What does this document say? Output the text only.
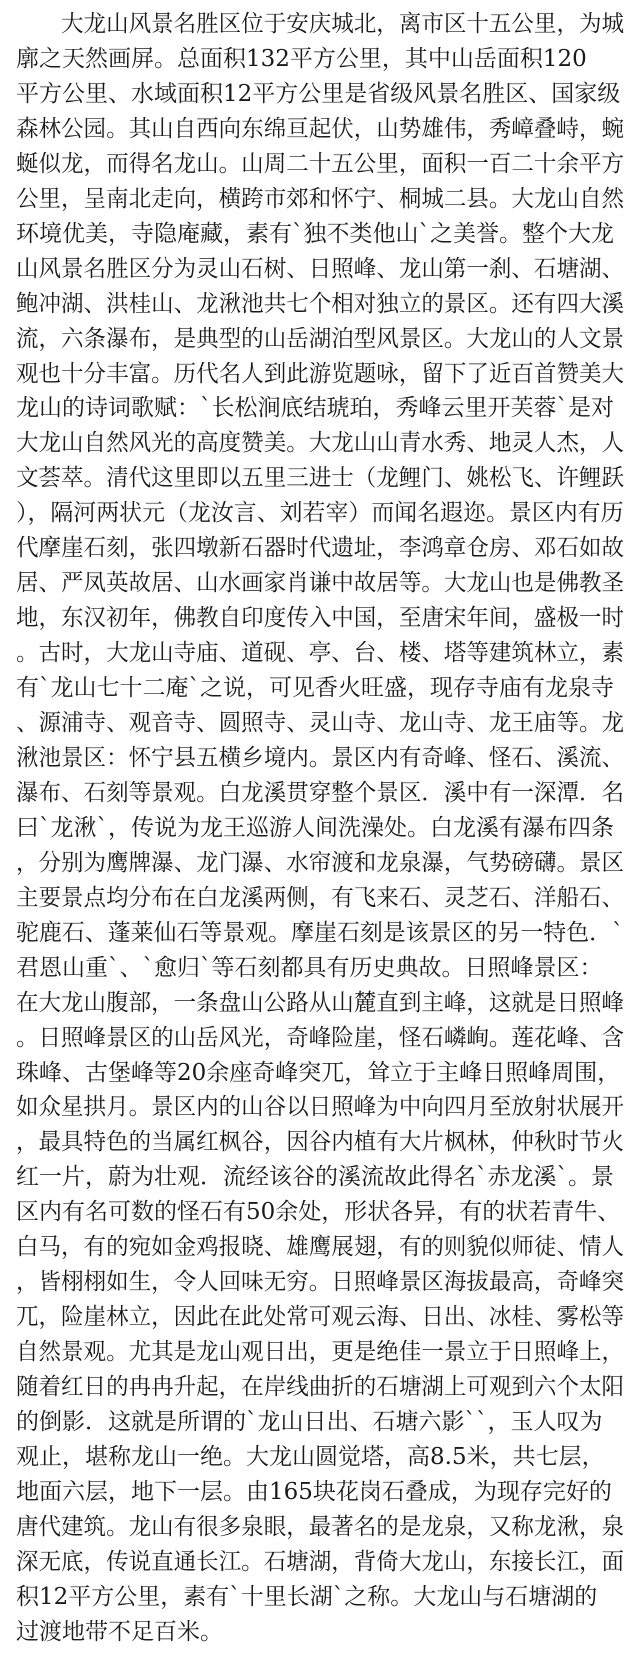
　　大龙山风景名胜区位于安庆城北，离市区十五公里，为城

廓之天然画屏。总面积132平方公里，其中山岳面积120

平方公里、水域面积12平方公里是省级风景名胜区、国家级

森林公园。其山自西向东绵亘起伏，山势雄伟，秀嶂叠峙，蜿

蜒似龙，而得名龙山。山周二十五公里，面积一百二十余平方

公里，呈南北走向，横跨市郊和怀宁、桐城二县。大龙山自然

环境优美，寺隐庵藏，素有`独不类他山`之美誉。整个大龙

山风景名胜区分为灵山石树、日照峰、龙山第一刹、石塘湖、

鲍冲湖、洪桂山、龙湫池共七个相对独立的景区。还有四大溪

流，六条瀑布，是典型的山岳湖泊型风景区。大龙山的人文景

观也十分丰富。历代名人到此游览题咏，留下了近百首赞美大

龙山的诗词歌赋：`长松涧底结琥珀，秀峰云里开芙蓉`是对

大龙山自然风光的高度赞美。大龙山山青水秀、地灵人杰，人

文荟萃。清代这里即以五里三进士（龙鲤门、姚松飞、许鲤跃

），隔河两状元（龙汝言、刘若宰）而闻名遐迩。景区内有历

代摩崖石刻，张四墩新石器时代遗址，李鸿章仓房、邓石如故

居、严凤英故居、山水画家肖谦中故居等。大龙山也是佛教圣

地，东汉初年，佛教自印度传入中国，至唐宋年间，盛极一时

。古时，大龙山寺庙、道砚、亭、台、楼、塔等建筑林立，素

有`龙山七十二庵`之说，可见香火旺盛，现存寺庙有龙泉寺

、源浦寺、观音寺、圆照寺、灵山寺、龙山寺、龙王庙等。龙

湫池景区：怀宁县五横乡境内。景区内有奇峰、怪石、溪流、

瀑布、石刻等景观。白龙溪贯穿整个景区．溪中有一深潭．名

曰`龙湫`，传说为龙王巡游人间洗澡处。白龙溪有瀑布四条

，分别为鹰牌瀑、龙门瀑、水帘渡和龙泉瀑，气势磅礴。景区

主要景点均分布在白龙溪两侧，有飞来石、灵芝石、洋船石、

驼鹿石、蓬莱仙石等景观。摩崖石刻是该景区的另一特色．`

君恩山重`、`愈归`等石刻都具有历史典故。日照峰景区：

在大龙山腹部，一条盘山公路从山麓直到主峰，这就是日照峰

。日照峰景区的山岳风光，奇峰险崖，怪石嶙峋。莲花峰、含

珠峰、古堡峰等20余座奇峰突兀，耸立于主峰日照峰周围，

如众星拱月。景区内的山谷以日照峰为中向四月至放射状展开

，最具特色的当属红枫谷，因谷内植有大片枫林，仲秋时节火

红一片，蔚为壮观．流经该谷的溪流故此得名`赤龙溪`。景

区内有名可数的怪石有50余处，形状各异，有的状若青牛、

白马，有的宛如金鸡报晓、雄鹰展翅，有的则貌似师徒、情人

，皆栩栩如生，令人回味无穷。日照峰景区海拔最高，奇峰突

兀，险崖林立，因此在此处常可观云海、日出、冰桂、雾松等

自然景观。尤其是龙山观日出，更是绝佳一景立于日照峰上，

随着红日的冉冉升起，在岸线曲折的石塘湖上可观到六个太阳

的倒影．这就是所谓的`龙山日出、石塘六影``，玉人叹为

观止，堪称龙山一绝。大龙山圆觉塔，高8.5米，共七层，

地面六层，地下一层。由165块花岗石叠成，为现存完好的

唐代建筑。龙山有很多泉眼，最著名的是龙泉，又称龙湫，泉

深无底，传说直通长江。石塘湖，背倚大龙山，东接长江，面

积12平方公里，素有`十里长湖`之称。大龙山与石塘湖的

过渡地带不足百米。
